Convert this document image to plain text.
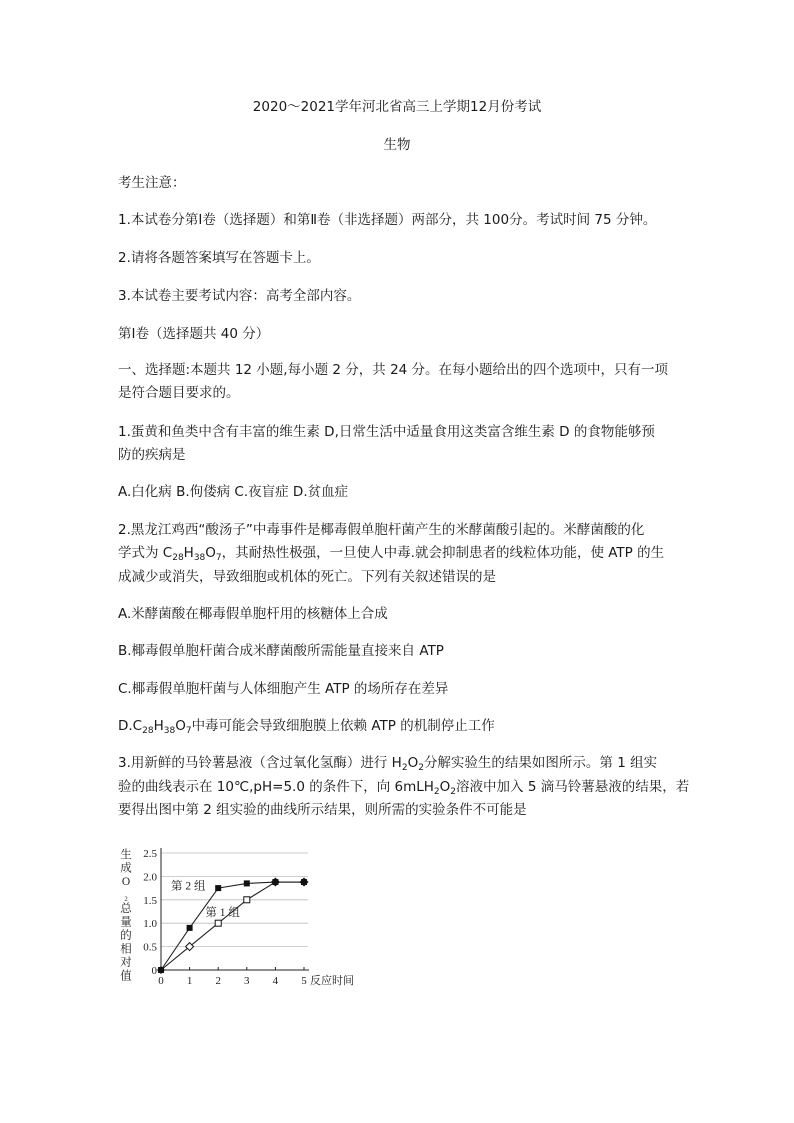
2020～2021学年河北省高三上学期12月份考试
生物
考生注意：
1.本试卷分第Ⅰ卷（选择题）和第Ⅱ卷（非选择题）两部分，共 100分。考试时间 75 分钟。
2.请将各题答案填写在答题卡上。
3.本试卷主要考试内容：高考全部内容。
第Ⅰ卷（选择题共 40 分）
一、选择题:本题共 12 小题,每小题 2 分，共 24 分。在每小题给出的四个选项中，只有一项
是符合题目要求的。
1.蛋黄和鱼类中含有丰富的维生素 D,日常生活中适量食用这类富含维生素 D 的食物能够预
防的疾病是
A.白化病 B.佝偻病 C.夜盲症 D.贫血症
2.黑龙江鸡西“酸汤子”中毒事件是椰毒假单胞杆菌产生的米酵菌酸引起的。米酵菌酸的化
学式为 $C_{28}H_{38}O_7$，其耐热性极强，一旦使人中毒.就会抑制患者的线粒体功能，使 ATP 的生
成减少或消失，导致细胞或机体的死亡。下列有关叙述错误的是
A.米酵菌酸在椰毒假单胞杆用的核糖体上合成
B.椰毒假单胞杆菌合成米酵菌酸所需能量直接来自 ATP
C.椰毒假单胞杆菌与人体细胞产生 ATP 的场所存在差异
$D.C_{28}H_{38}O_7$中毒可能会导致细胞膜上依赖 ATP 的机制停止工作
3.用新鲜的马铃薯悬液（含过氧化氢酶）进行 $H_2O_2$分解实验生的结果如图所示。第 1 组实
验的曲线表示在 10℃,pH=5.0 的条件下，向 $6mLH_2O_2$溶液中加入 5 滴马铃薯悬液的结果，若
要得出图中第 2 组实验的曲线所示结果，则所需的实验条件不可能是
0
0.5
1.0
1.5
2.0
2.5
0 1 2 3 4 5 反应时间
生
成
O
₂
总
量
的
相
对
值
第 2 组
第 1 组
